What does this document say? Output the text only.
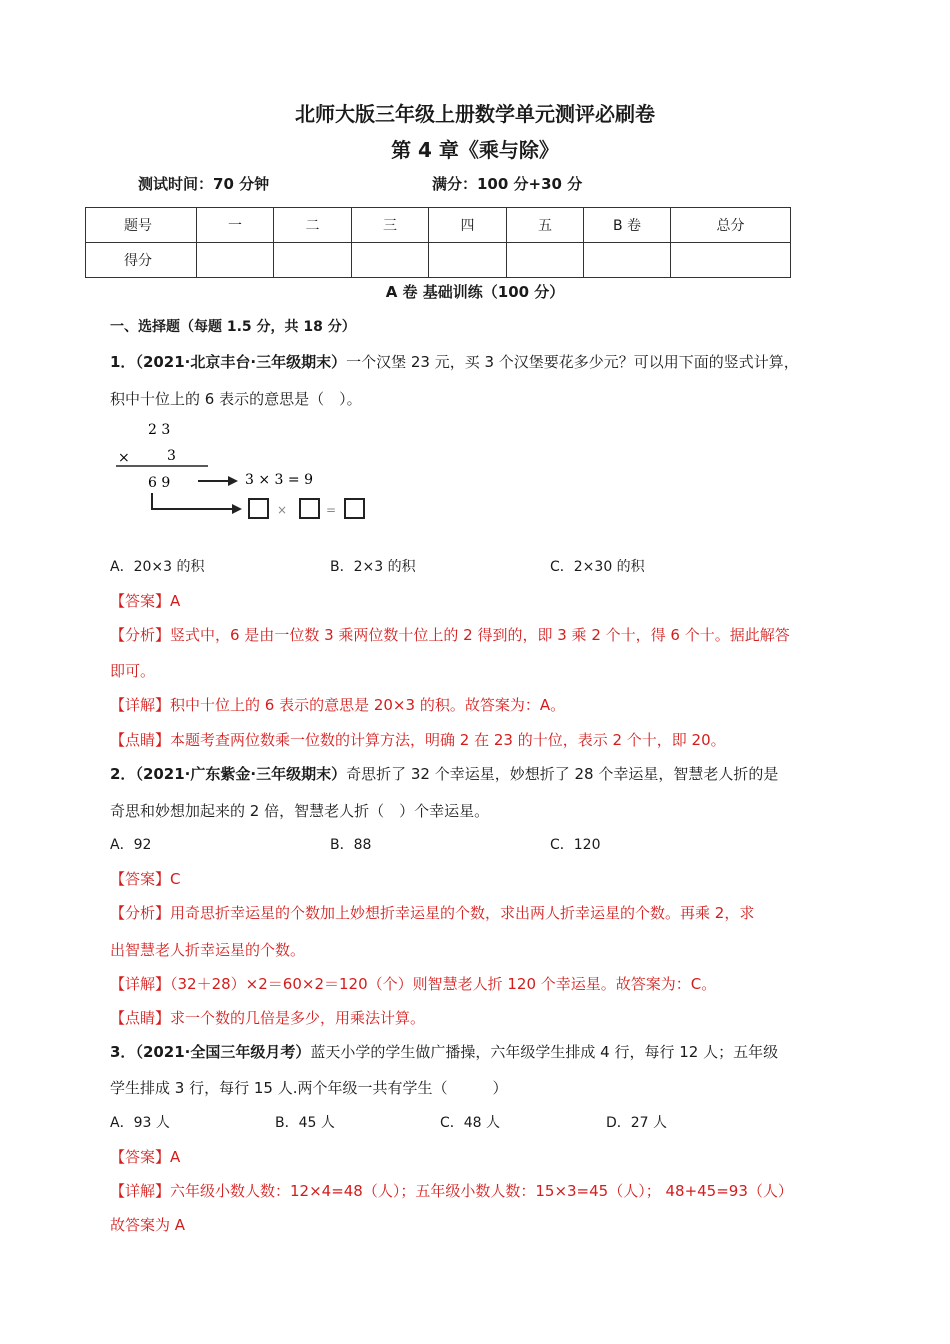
北师大版三年级上册数学单元测评必刷卷
第 4 章《乘与除》
测试时间：70 分钟	满分：100 分+30 分
题号	一	二	三	四	五	B 卷	总分
得分							
A 卷 基础训练（100 分）
一、选择题（每题 1.5 分，共 18 分）
1．（2021·北京丰台·三年级期末）一个汉堡 23 元，买 3 个汉堡要花多少元？可以用下面的竖式计算，
积中十位上的 6 表示的意思是（　）。
2 3
×	3
6 9	3 × 3 = 9
×	=
A．20×3 的积	B．2×3 的积	C．2×30 的积
【答案】A
【分析】竖式中，6 是由一位数 3 乘两位数十位上的 2 得到的，即 3 乘 2 个十，得 6 个十。据此解答
即可。
【详解】积中十位上的 6 表示的意思是 20×3 的积。故答案为：A。
【点睛】本题考查两位数乘一位数的计算方法，明确 2 在 23 的十位，表示 2 个十，即 20。
2．（2021·广东紫金·三年级期末）奇思折了 32 个幸运星，妙想折了 28 个幸运星，智慧老人折的是
奇思和妙想加起来的 2 倍，智慧老人折（　）个幸运星。
A．92	B．88	C．120
【答案】C
【分析】用奇思折幸运星的个数加上妙想折幸运星的个数，求出两人折幸运星的个数。再乘 2，求
出智慧老人折幸运星的个数。
【详解】（32＋28）×2＝60×2＝120（个）则智慧老人折 120 个幸运星。故答案为：C。
【点睛】求一个数的几倍是多少，用乘法计算。
3．（2021·全国三年级月考）蓝天小学的学生做广播操，六年级学生排成 4 行，每行 12 人；五年级
学生排成 3 行，每行 15 人.两个年级一共有学生（　　　）
A．93 人	B．45 人	C．48 人	D．27 人
【答案】A
【详解】六年级小数人数：12×4=48（人）；五年级小数人数：15×3=45（人）； 48+45=93（人）
故答案为 A
